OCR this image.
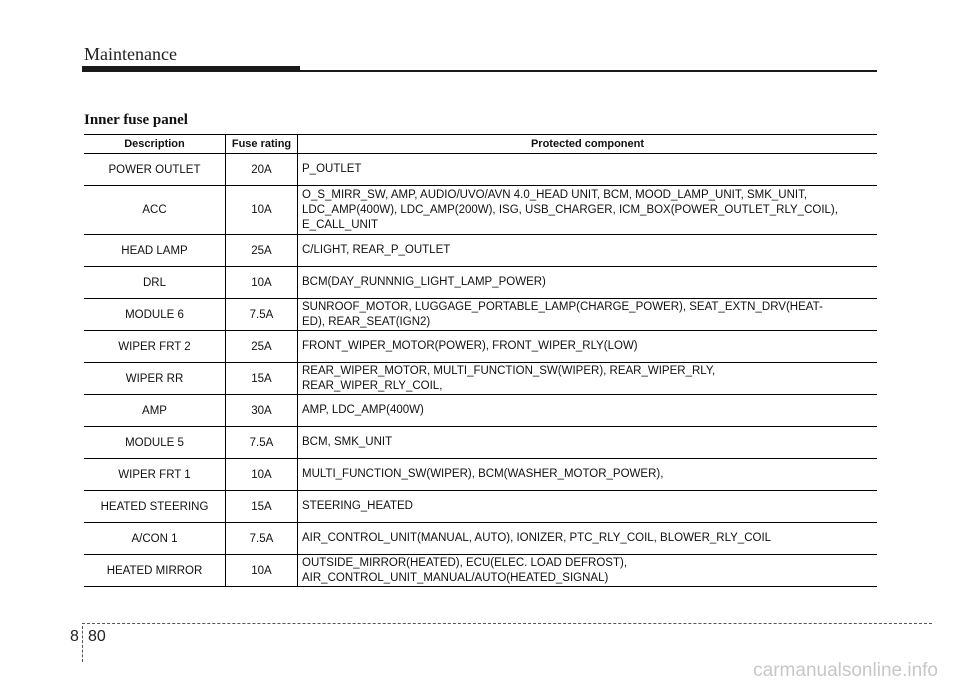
Maintenance
Inner fuse panel
Description	Fuse rating	Protected component
POWER OUTLET	20A	P_OUTLET
ACC	10A	O_S_MIRR_SW, AMP, AUDIO/UVO/AVN 4.0_HEAD UNIT, BCM, MOOD_LAMP_UNIT, SMK_UNIT,
LDC_AMP(400W), LDC_AMP(200W), ISG, USB_CHARGER, ICM_BOX(POWER_OUTLET_RLY_COIL),
E_CALL_UNIT
HEAD LAMP	25A	C/LIGHT, REAR_P_OUTLET
DRL	10A	BCM(DAY_RUNNNIG_LIGHT_LAMP_POWER)
MODULE 6	7.5A	SUNROOF_MOTOR, LUGGAGE_PORTABLE_LAMP(CHARGE_POWER), SEAT_EXTN_DRV(HEAT-
ED), REAR_SEAT(IGN2)
WIPER FRT 2	25A	FRONT_WIPER_MOTOR(POWER), FRONT_WIPER_RLY(LOW)
WIPER RR	15A	REAR_WIPER_MOTOR, MULTI_FUNCTION_SW(WIPER), REAR_WIPER_RLY,
REAR_WIPER_RLY_COIL,
AMP	30A	AMP, LDC_AMP(400W)
MODULE 5	7.5A	BCM, SMK_UNIT
WIPER FRT 1	10A	MULTI_FUNCTION_SW(WIPER), BCM(WASHER_MOTOR_POWER),
HEATED STEERING	15A	STEERING_HEATED
A/CON 1	7.5A	AIR_CONTROL_UNIT(MANUAL, AUTO), IONIZER, PTC_RLY_COIL, BLOWER_RLY_COIL
HEATED MIRROR	10A	OUTSIDE_MIRROR(HEATED), ECU(ELEC. LOAD DEFROST),
AIR_CONTROL_UNIT_MANUAL/AUTO(HEATED_SIGNAL)
8 80
carmanualsonline.info
